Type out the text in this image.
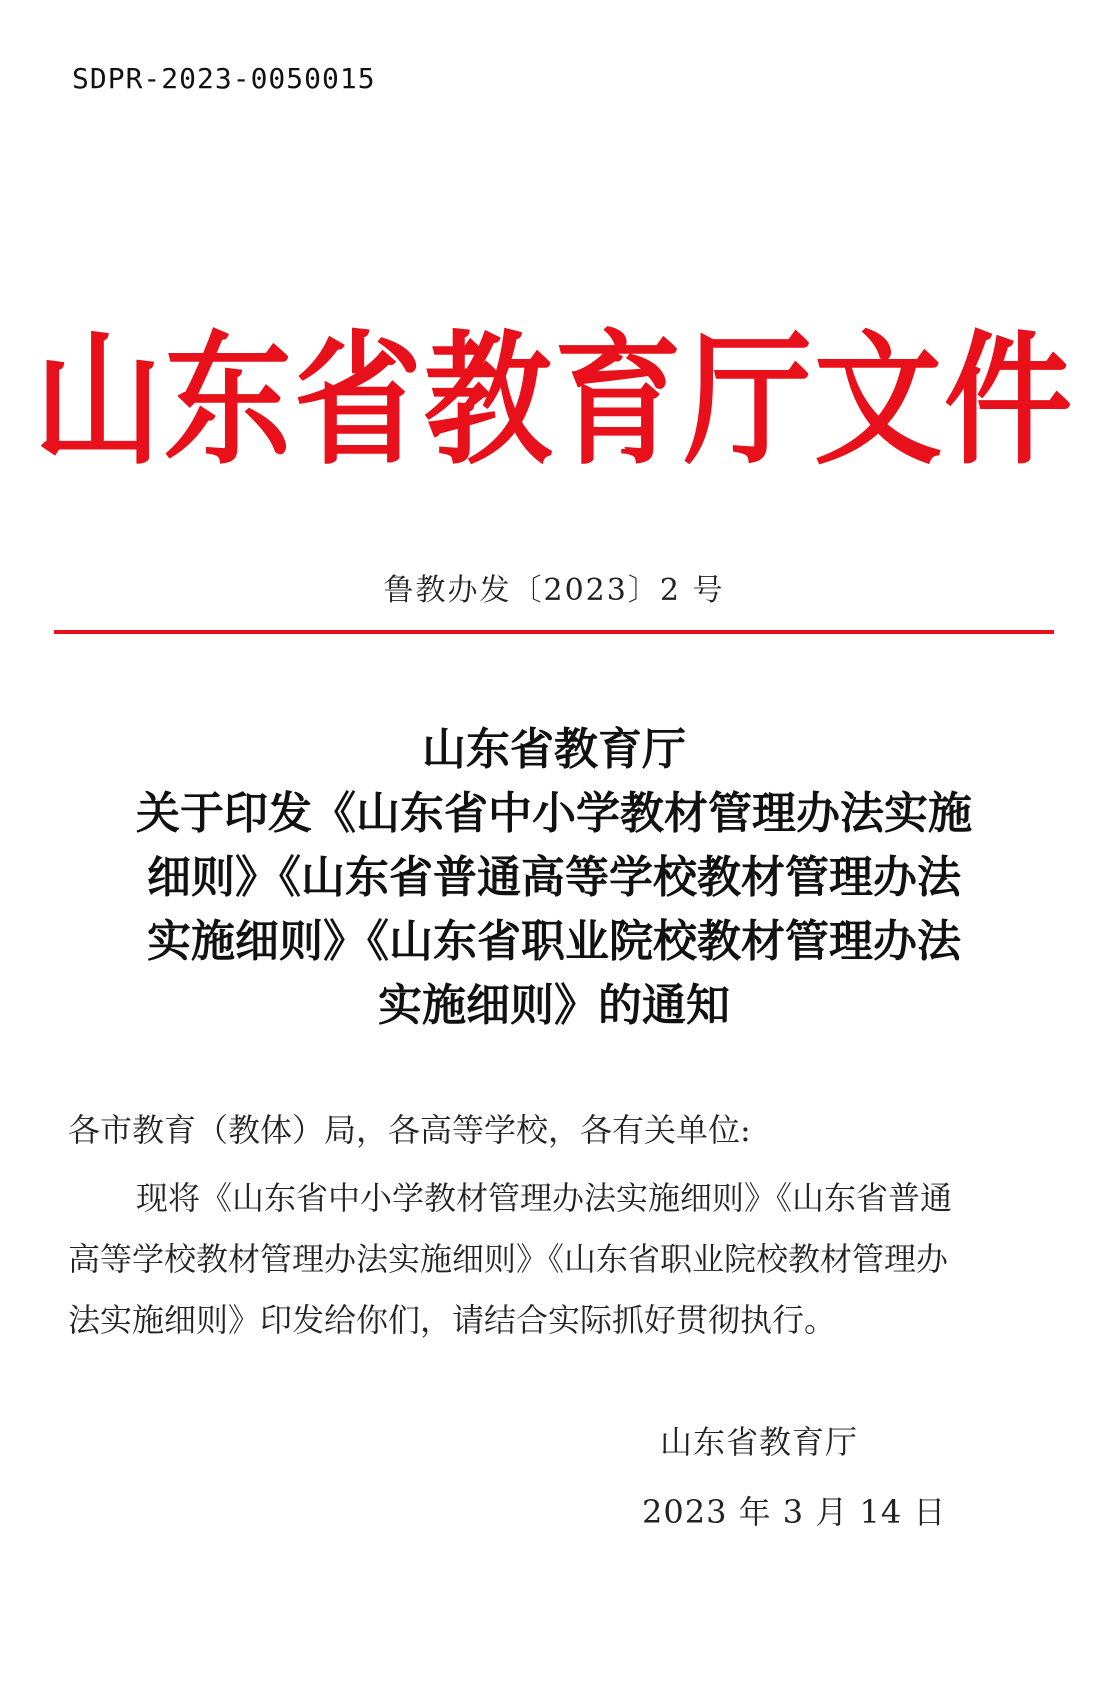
SDPR-2023-0050015
山东省教育厅文件
鲁教办发〔2023〕2 号
山东省教育厅
关于印发《山东省中小学教材管理办法实施
细则》《山东省普通高等学校教材管理办法
实施细则》《山东省职业院校教材管理办法
实施细则》的通知
各市教育（教体）局，各高等学校，各有关单位:
现将《山东省中小学教材管理办法实施细则》《山东省普通
高等学校教材管理办法实施细则》《山东省职业院校教材管理办
法实施细则》印发给你们，请结合实际抓好贯彻执行。
山东省教育厅
2023 年 3 月 14 日
